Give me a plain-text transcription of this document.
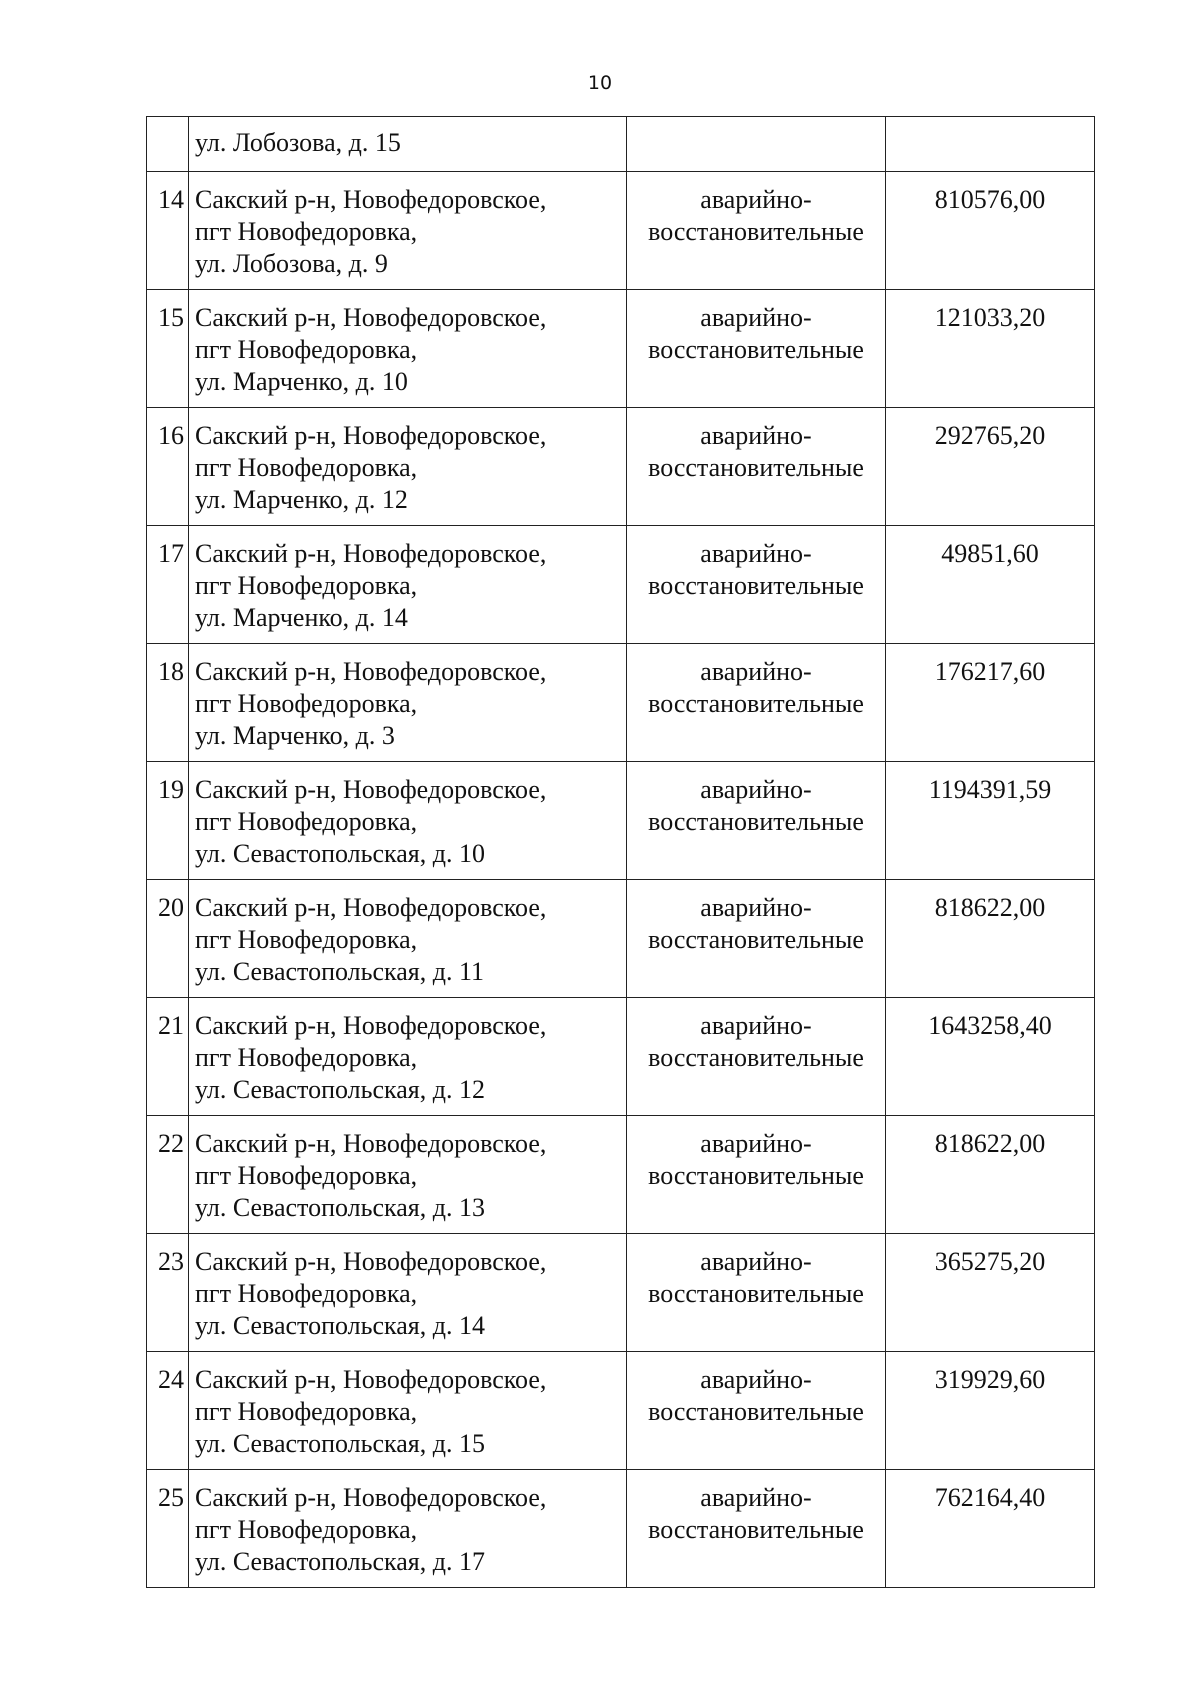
10

	ул. Лобозова, д. 15		

14	Сакский р-н, Новофедоровское,
пгт Новофедоровка,
ул. Лобозова, д. 9	аварийно-
восстановительные	810576,00
15	Сакский р-н, Новофедоровское,
пгт Новофедоровка,
ул. Марченко, д. 10	аварийно-
восстановительные	121033,20
16	Сакский р-н, Новофедоровское,
пгт Новофедоровка,
ул. Марченко, д. 12	аварийно-
восстановительные	292765,20
17	Сакский р-н, Новофедоровское,
пгт Новофедоровка,
ул. Марченко, д. 14	аварийно-
восстановительные	49851,60
18	Сакский р-н, Новофедоровское,
пгт Новофедоровка,
ул. Марченко, д. 3	аварийно-
восстановительные	176217,60
19	Сакский р-н, Новофедоровское,
пгт Новофедоровка,
ул. Севастопольская, д. 10	аварийно-
восстановительные	1194391,59
20	Сакский р-н, Новофедоровское,
пгт Новофедоровка,
ул. Севастопольская, д. 11	аварийно-
восстановительные	818622,00
21	Сакский р-н, Новофедоровское,
пгт Новофедоровка,
ул. Севастопольская, д. 12	аварийно-
восстановительные	1643258,40
22	Сакский р-н, Новофедоровское,
пгт Новофедоровка,
ул. Севастопольская, д. 13	аварийно-
восстановительные	818622,00
23	Сакский р-н, Новофедоровское,
пгт Новофедоровка,
ул. Севастопольская, д. 14	аварийно-
восстановительные	365275,20
24	Сакский р-н, Новофедоровское,
пгт Новофедоровка,
ул. Севастопольская, д. 15	аварийно-
восстановительные	319929,60
25	Сакский р-н, Новофедоровское,
пгт Новофедоровка,
ул. Севастопольская, д. 17	аварийно-
восстановительные	762164,40
